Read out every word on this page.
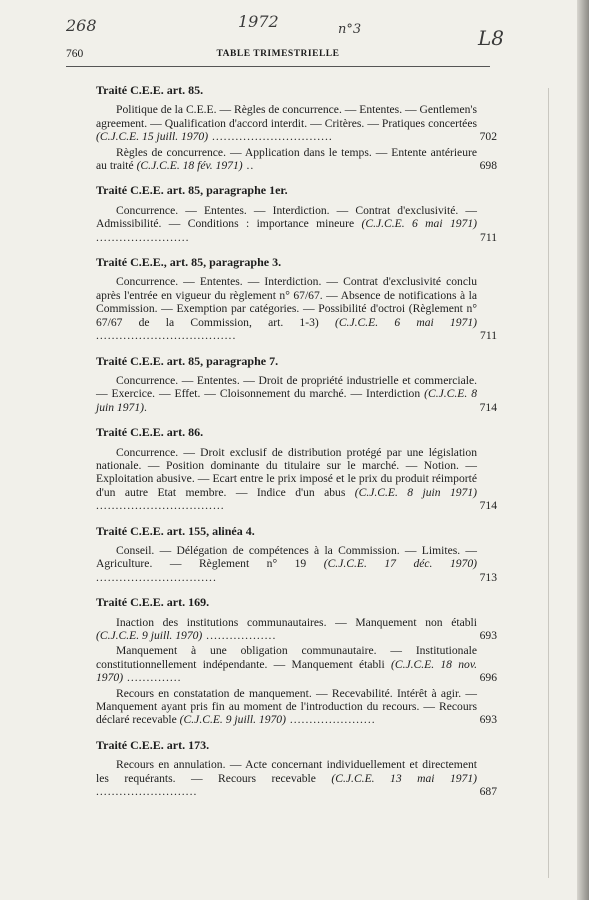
268	1972	n°3	L8
760	TABLE TRIMESTRIELLE
Traité C.E.E. art. 85.
Politique de la C.E.E. — Règles de concurrence. — Ententes. — Gentlemen's agreement. — Qualification d'accord interdit. — Critères. — Pratiques concertées (C.J.C.E. 15 juill. 1970) ...............................	702
Règles de concurrence. — Application dans le temps. — Entente antérieure au traité (C.J.C.E. 18 fév. 1971) ..	698
Traité C.E.E. art. 85, paragraphe 1er.
Concurrence. — Ententes. — Interdiction. — Contrat d'exclusivité. — Admissibilité. — Conditions : importance mineure (C.J.C.E. 6 mai 1971) ........................	711
Traité C.E.E., art. 85, paragraphe 3.
Concurrence. — Ententes. — Interdiction. — Contrat d'exclusivité conclu après l'entrée en vigueur du règlement n° 67/67. — Absence de notifications à la Commission. — Exemption par catégories. — Possibilité d'octroi (Règlement n° 67/67 de la Commission, art. 1-3) (C.J.C.E. 6 mai 1971) ....................................	711
Traité C.E.E. art. 85, paragraphe 7.
Concurrence. — Ententes. — Droit de propriété industrielle et commerciale. — Exercice. — Effet. — Cloisonnement du marché. — Interdiction (C.J.C.E. 8 juin 1971).	714
Traité C.E.E. art. 86.
Concurrence. — Droit exclusif de distribution protégé par une législation nationale. — Position dominante du titulaire sur le marché. — Notion. — Exploitation abusive. — Ecart entre le prix imposé et le prix du produit réimporté d'un autre Etat membre. — Indice d'un abus (C.J.C.E. 8 juin 1971) .................................	714
Traité C.E.E. art. 155, alinéa 4.
Conseil. — Délégation de compétences à la Commission. — Limites. — Agriculture. — Règlement n° 19 (C.J.C.E. 17 déc. 1970) ...............................	713
Traité C.E.E. art. 169.
Inaction des institutions communautaires. — Manquement non établi (C.J.C.E. 9 juill. 1970) ..................	693
Manquement à une obligation communautaire. — Institutionale constitutionnellement indépendante. — Manquement établi (C.J.C.E. 18 nov. 1970) ..............	696
Recours en constatation de manquement. — Recevabilité. Intérêt à agir. — Manquement ayant pris fin au moment de l'introduction du recours. — Recours déclaré recevable (C.J.C.E. 9 juill. 1970) ......................	693
Traité C.E.E. art. 173.
Recours en annulation. — Acte concernant individuellement et directement les requérants. — Recours recevable (C.J.C.E. 13 mai 1971) ..........................	687
